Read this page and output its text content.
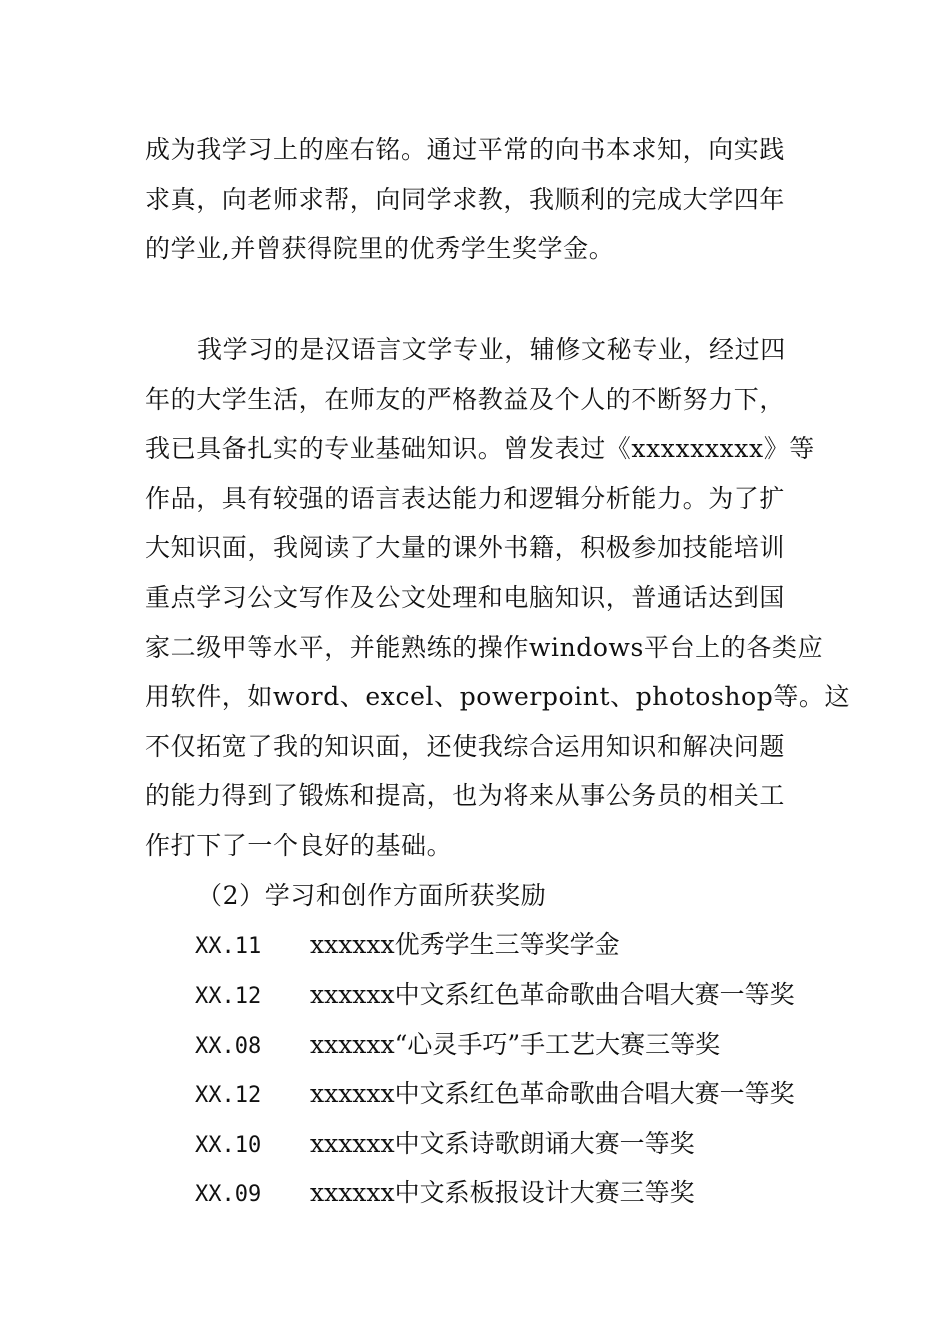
成为我学习上的座右铭。通过平常的向书本求知，向实践
求真，向老师求帮，向同学求教，我顺利的完成大学四年
的学业,并曾获得院里的优秀学生奖学金。
我学习的是汉语言文学专业，辅修文秘专业，经过四
年的大学生活，在师友的严格教益及个人的不断努力下，
我已具备扎实的专业基础知识。曾发表过《xxxxxxxxx》等
作品，具有较强的语言表达能力和逻辑分析能力。为了扩
大知识面，我阅读了大量的课外书籍，积极参加技能培训
重点学习公文写作及公文处理和电脑知识，普通话达到国
家二级甲等水平，并能熟练的操作windows平台上的各类应
用软件，如word、excel、powerpoint、photoshop等。这
不仅拓宽了我的知识面，还使我综合运用知识和解决问题
的能力得到了锻炼和提高，也为将来从事公务员的相关工
作打下了一个良好的基础。
（2）学习和创作方面所获奖励
XX.11 xxxxxx优秀学生三等奖学金
XX.12 xxxxxx中文系红色革命歌曲合唱大赛一等奖
XX.08 xxxxxx“心灵手巧”手工艺大赛三等奖
XX.12 xxxxxx中文系红色革命歌曲合唱大赛一等奖
XX.10 xxxxxx中文系诗歌朗诵大赛一等奖
XX.09 xxxxxx中文系板报设计大赛三等奖
